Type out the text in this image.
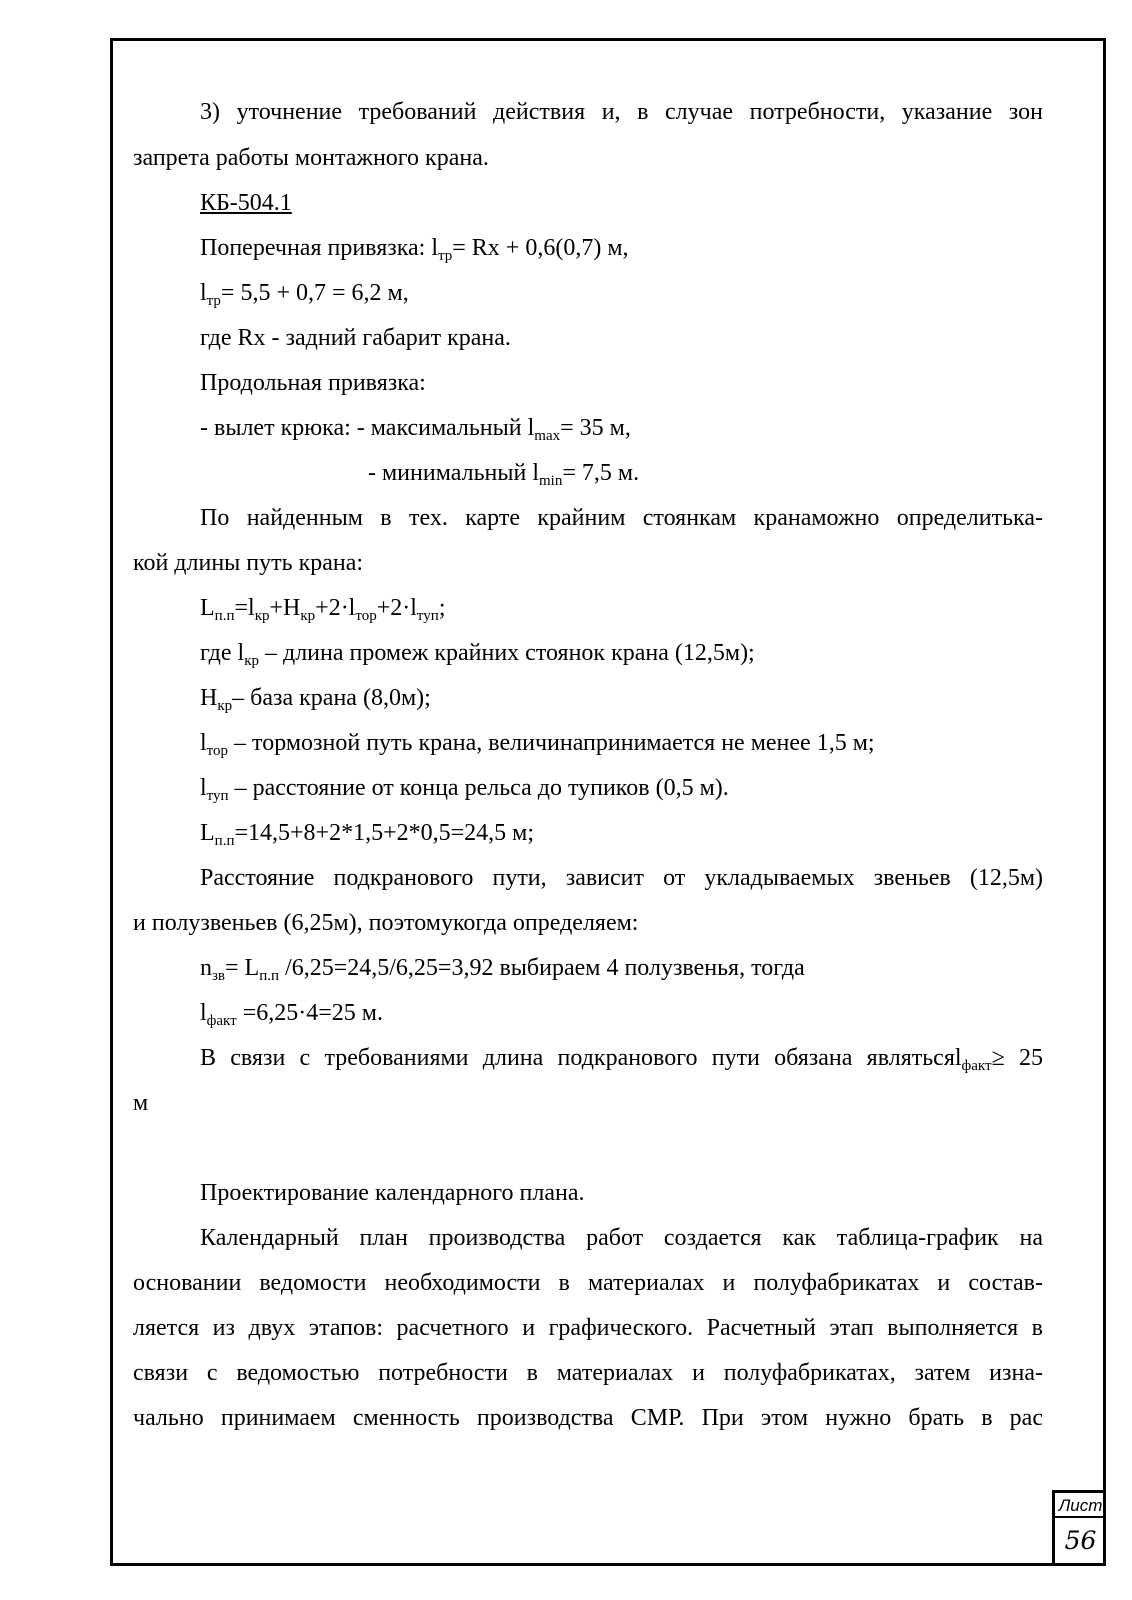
3) уточнение требований действия и, в случае потребности, указание зон
запрета работы монтажного крана.
КБ-504.1
Поперечная привязка: $l_{тр}= Rx + 0,6(0,7)$ м,
$l_{тр}= 5,5 + 0,7 = 6,2$ м,
где Rx - задний габарит крана.
Продольная привязка:
- вылет крюка: - максимальный $l_{max}= 35$ м,
- минимальный $l_{min}= 7,5$ м.
По найденным в тех. карте крайним стоянкам кранаможно определитька-
кой длины путь крана:
$L_{п.п}=l_{кр}+Н_{кр}+2\cdot l_{тор}+2\cdot l_{туп}$;
где $l_{кр}$ – длина промеж крайних стоянок крана (12,5м);
$Н_{кр}-$ база крана (8,0м);
$l_{тор}$ – тормозной путь крана, величинапринимается не менее 1,5 м;
$l_{туп}$ – расстояние от конца рельса до тупиков (0,5 м).
$L_{п.п}=14,5+8+2*1,5+2*0,5=24,5$ м;
Расстояние подкранового пути, зависит от укладываемых звеньев (12,5м)
и полузвеньев (6,25м), поэтомукогда определяем:
$n_{зв}= L_{п.п}$ /6,25=24,5/6,25=3,92 выбираем 4 полузвенья, тогда
$l_{факт} =6,25\cdot 4=25$ м.
В связи с требованиями длина подкранового пути обязана являтьсяl$_{факт}$≥ 25
м
Проектирование календарного плана.
Календарный план производства работ создается как таблица-график на
основании ведомости необходимости в материалах и полуфабрикатах и состав-
ляется из двух этапов: расчетного и графического. Расчетный этап выполняется в
связи с ведомостью потребности в материалах и полуфабрикатах, затем изна-
чально принимаем сменность производства СМР. При этом нужно брать в рас
Лист
56
